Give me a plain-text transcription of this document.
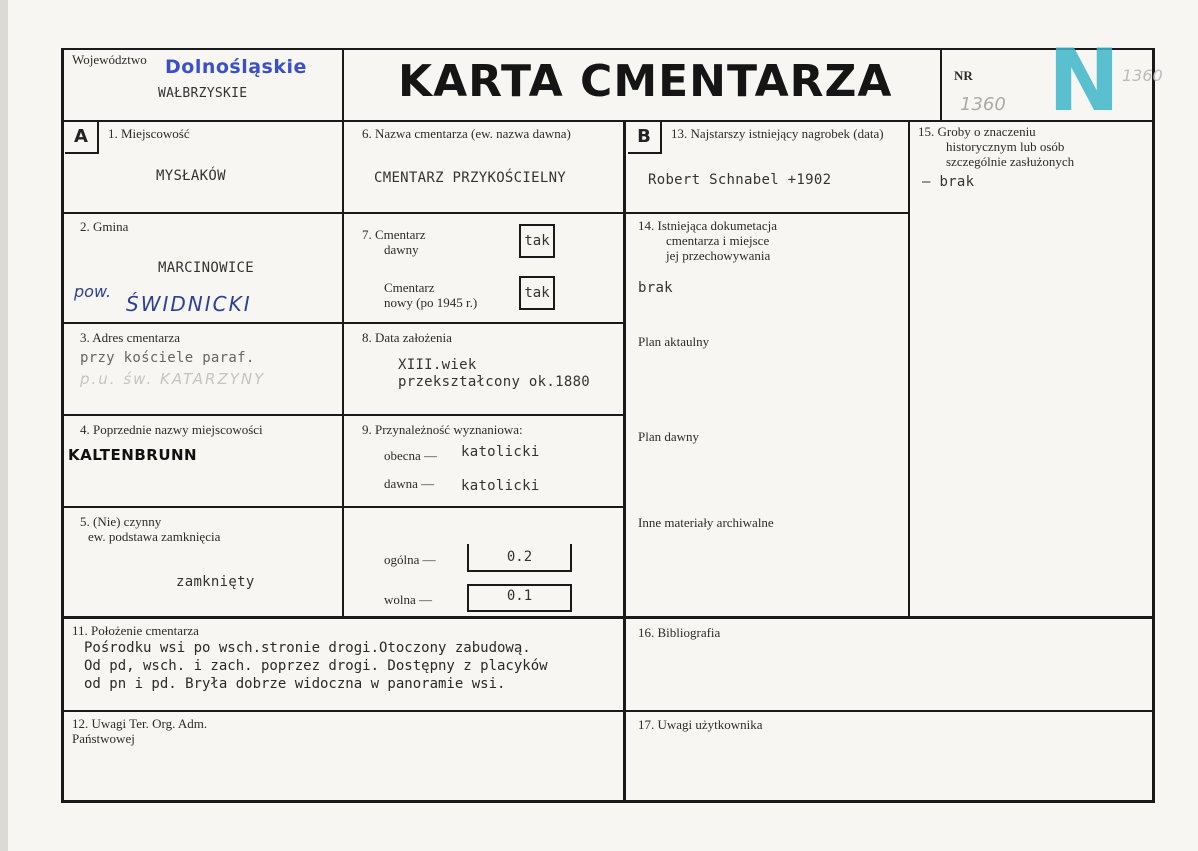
Województwo Dolnośląskie
WAŁBRZYSKIE	KARTA CMENTARZA	NR
1360
1360
N
A	1. Miejscowość
MYSŁAKÓW
2. Gmina
MARCINOWICE
pow.
ŚWIDNICKI
3. Adres cmentarza
przy kościele paraf.
p.u. św. KATARZYNY
4. Poprzednie nazwy miejscowości
KALTENBRUNN
5. (Nie) czynny
ew. podstawa zamknięcia
zamknięty
6. Nazwa cmentarza (ew. nazwa dawna)
CMENTARZ PRZYKOŚCIELNY
7. Cmentarz
dawny
tak
Cmentarz
nowy (po 1945 r.)
tak
8. Data założenia
XIII.wiek
przekształcony ok.1880
9. Przynależność wyznaniowa:
obecna — katolicki
dawna — katolicki
ogólna —	0.2
wolna —	0.1
B	13. Najstarszy istniejący nagrobek (data)
Robert Schnabel +1902
14. Istniejąca dokumetacja
cmentarza i miejsce
jej przechowywania
brak
Plan aktaulny
Plan dawny
Inne materiały archiwalne
15. Groby o znaczeniu
historycznym lub osób
szczególnie zasłużonych
– brak
11. Położenie cmentarza
Pośrodku wsi po wsch.stronie drogi.Otoczony zabudową.
Od pd, wsch. i zach. poprzez drogi. Dostępny z placyków
od pn i pd. Bryła dobrze widoczna w panoramie wsi.
12. Uwagi Ter. Org. Adm.
Państwowej
16. Bibliografia
17. Uwagi użytkownika
